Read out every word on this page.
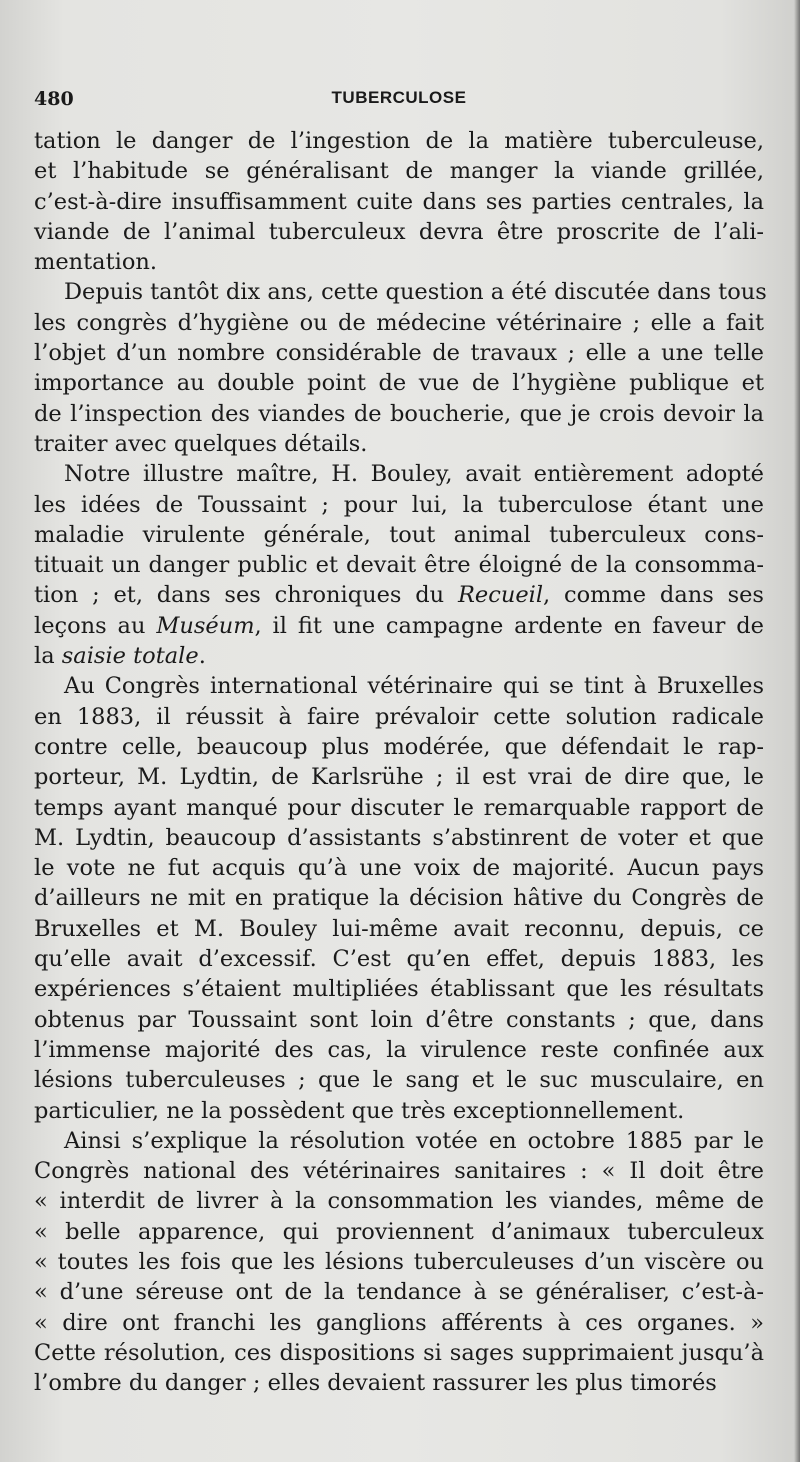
480	TUBERCULOSE
tation le danger de l’ingestion de la matière tuberculeuse,
et l’habitude se généralisant de manger la viande grillée,
c’est-à-dire insuffisamment cuite dans ses parties centrales, la
viande de l’animal tuberculeux devra être proscrite de l’ali-
mentation.
Depuis tantôt dix ans, cette question a été discutée dans tous
les congrès d’hygiène ou de médecine vétérinaire ; elle a fait
l’objet d’un nombre considérable de travaux ; elle a une telle
importance au double point de vue de l’hygiène publique et
de l’inspection des viandes de boucherie, que je crois devoir la
traiter avec quelques détails.
Notre illustre maître, H. Bouley, avait entièrement adopté
les idées de Toussaint ; pour lui, la tuberculose étant une
maladie virulente générale, tout animal tuberculeux cons-
tituait un danger public et devait être éloigné de la consomma-
tion ; et, dans ses chroniques du Recueil, comme dans ses
leçons au Muséum, il fit une campagne ardente en faveur de
la saisie totale.
Au Congrès international vétérinaire qui se tint à Bruxelles
en 1883, il réussit à faire prévaloir cette solution radicale
contre celle, beaucoup plus modérée, que défendait le rap-
porteur, M. Lydtin, de Karlsrühe ; il est vrai de dire que, le
temps ayant manqué pour discuter le remarquable rapport de
M. Lydtin, beaucoup d’assistants s’abstinrent de voter et que
le vote ne fut acquis qu’à une voix de majorité. Aucun pays
d’ailleurs ne mit en pratique la décision hâtive du Congrès de
Bruxelles et M. Bouley lui-même avait reconnu, depuis, ce
qu’elle avait d’excessif. C’est qu’en effet, depuis 1883, les
expériences s’étaient multipliées établissant que les résultats
obtenus par Toussaint sont loin d’être constants ; que, dans
l’immense majorité des cas, la virulence reste confinée aux
lésions tuberculeuses ; que le sang et le suc musculaire, en
particulier, ne la possèdent que très exceptionnellement.
Ainsi s’explique la résolution votée en octobre 1885 par le
Congrès national des vétérinaires sanitaires : « Il doit être
« interdit de livrer à la consommation les viandes, même de
« belle apparence, qui proviennent d’animaux tuberculeux
« toutes les fois que les lésions tuberculeuses d’un viscère ou
« d’une séreuse ont de la tendance à se généraliser, c’est-à-
« dire ont franchi les ganglions afférents à ces organes. »
Cette résolution, ces dispositions si sages supprimaient jusqu’à
l’ombre du danger ; elles devaient rassurer les plus timorés
